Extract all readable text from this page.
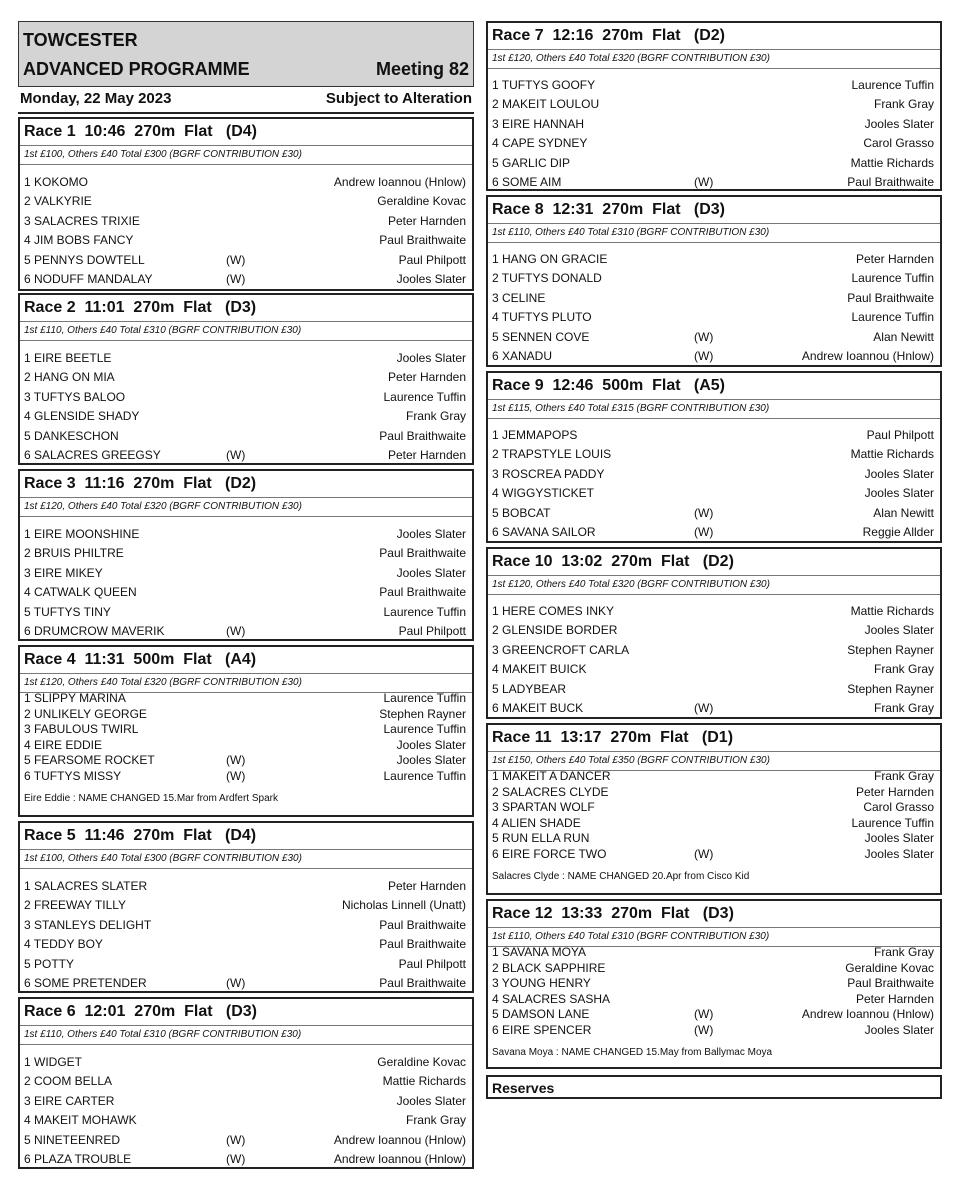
TOWCESTER
ADVANCED PROGRAMME	Meeting 82
Monday, 22 May 2023	Subject to Alteration
Race 1  10:46  270m  Flat   (D4)
1st £100, Others £40 Total £300 (BGRF CONTRIBUTION £30)
1 KOKOMO	Andrew Ioannou (Hnlow)
2 VALKYRIE	Geraldine Kovac
3 SALACRES TRIXIE	Peter Harnden
4 JIM BOBS FANCY	Paul Braithwaite
5 PENNYS DOWTELL	(W)	Paul Philpott
6 NODUFF MANDALAY	(W)	Jooles Slater
Race 2  11:01  270m  Flat   (D3)
1st £110, Others £40 Total £310 (BGRF CONTRIBUTION £30)
1 EIRE BEETLE	Jooles Slater
2 HANG ON MIA	Peter Harnden
3 TUFTYS BALOO	Laurence Tuffin
4 GLENSIDE SHADY	Frank Gray
5 DANKESCHON	Paul Braithwaite
6 SALACRES GREEGSY	(W)	Peter Harnden
Race 3  11:16  270m  Flat   (D2)
1st £120, Others £40 Total £320 (BGRF CONTRIBUTION £30)
1 EIRE MOONSHINE	Jooles Slater
2 BRUIS PHILTRE	Paul Braithwaite
3 EIRE MIKEY	Jooles Slater
4 CATWALK QUEEN	Paul Braithwaite
5 TUFTYS TINY	Laurence Tuffin
6 DRUMCROW MAVERIK	(W)	Paul Philpott
Race 4  11:31  500m  Flat   (A4)
1st £120, Others £40 Total £320 (BGRF CONTRIBUTION £30)
1 SLIPPY MARINA	Laurence Tuffin
2 UNLIKELY GEORGE	Stephen Rayner
3 FABULOUS TWIRL	Laurence Tuffin
4 EIRE EDDIE	Jooles Slater
5 FEARSOME ROCKET	(W)	Jooles Slater
6 TUFTYS MISSY	(W)	Laurence Tuffin
Eire Eddie : NAME CHANGED 15.Mar from Ardfert Spark
Race 5  11:46  270m  Flat   (D4)
1st £100, Others £40 Total £300 (BGRF CONTRIBUTION £30)
1 SALACRES SLATER	Peter Harnden
2 FREEWAY TILLY	Nicholas Linnell (Unatt)
3 STANLEYS DELIGHT	Paul Braithwaite
4 TEDDY BOY	Paul Braithwaite
5 POTTY	Paul Philpott
6 SOME PRETENDER	(W)	Paul Braithwaite
Race 6  12:01  270m  Flat   (D3)
1st £110, Others £40 Total £310 (BGRF CONTRIBUTION £30)
1 WIDGET	Geraldine Kovac
2 COOM BELLA	Mattie Richards
3 EIRE CARTER	Jooles Slater
4 MAKEIT MOHAWK	Frank Gray
5 NINETEENRED	(W)	Andrew Ioannou (Hnlow)
6 PLAZA TROUBLE	(W)	Andrew Ioannou (Hnlow)
Race 7  12:16  270m  Flat   (D2)
1st £120, Others £40 Total £320 (BGRF CONTRIBUTION £30)
1 TUFTYS GOOFY	Laurence Tuffin
2 MAKEIT LOULOU	Frank Gray
3 EIRE HANNAH	Jooles Slater
4 CAPE SYDNEY	Carol Grasso
5 GARLIC DIP	Mattie Richards
6 SOME AIM	(W)	Paul Braithwaite
Race 8  12:31  270m  Flat   (D3)
1st £110, Others £40 Total £310 (BGRF CONTRIBUTION £30)
1 HANG ON GRACIE	Peter Harnden
2 TUFTYS DONALD	Laurence Tuffin
3 CELINE	Paul Braithwaite
4 TUFTYS PLUTO	Laurence Tuffin
5 SENNEN COVE	(W)	Alan Newitt
6 XANADU	(W)	Andrew Ioannou (Hnlow)
Race 9  12:46  500m  Flat   (A5)
1st £115, Others £40 Total £315 (BGRF CONTRIBUTION £30)
1 JEMMAPOPS	Paul Philpott
2 TRAPSTYLE LOUIS	Mattie Richards
3 ROSCREA PADDY	Jooles Slater
4 WIGGYSTICKET	Jooles Slater
5 BOBCAT	(W)	Alan Newitt
6 SAVANA SAILOR	(W)	Reggie Allder
Race 10  13:02  270m  Flat   (D2)
1st £120, Others £40 Total £320 (BGRF CONTRIBUTION £30)
1 HERE COMES INKY	Mattie Richards
2 GLENSIDE BORDER	Jooles Slater
3 GREENCROFT CARLA	Stephen Rayner
4 MAKEIT BUICK	Frank Gray
5 LADYBEAR	Stephen Rayner
6 MAKEIT BUCK	(W)	Frank Gray
Race 11  13:17  270m  Flat   (D1)
1st £150, Others £40 Total £350 (BGRF CONTRIBUTION £30)
1 MAKEIT A DANCER	Frank Gray
2 SALACRES CLYDE	Peter Harnden
3 SPARTAN WOLF	Carol Grasso
4 ALIEN SHADE	Laurence Tuffin
5 RUN ELLA RUN	Jooles Slater
6 EIRE FORCE TWO	(W)	Jooles Slater
Salacres Clyde : NAME CHANGED 20.Apr from Cisco Kid
Race 12  13:33  270m  Flat   (D3)
1st £110, Others £40 Total £310 (BGRF CONTRIBUTION £30)
1 SAVANA MOYA	Frank Gray
2 BLACK SAPPHIRE	Geraldine Kovac
3 YOUNG HENRY	Paul Braithwaite
4 SALACRES SASHA	Peter Harnden
5 DAMSON LANE	(W)	Andrew Ioannou (Hnlow)
6 EIRE SPENCER	(W)	Jooles Slater
Savana Moya : NAME CHANGED 15.May from Ballymac Moya
Reserves
